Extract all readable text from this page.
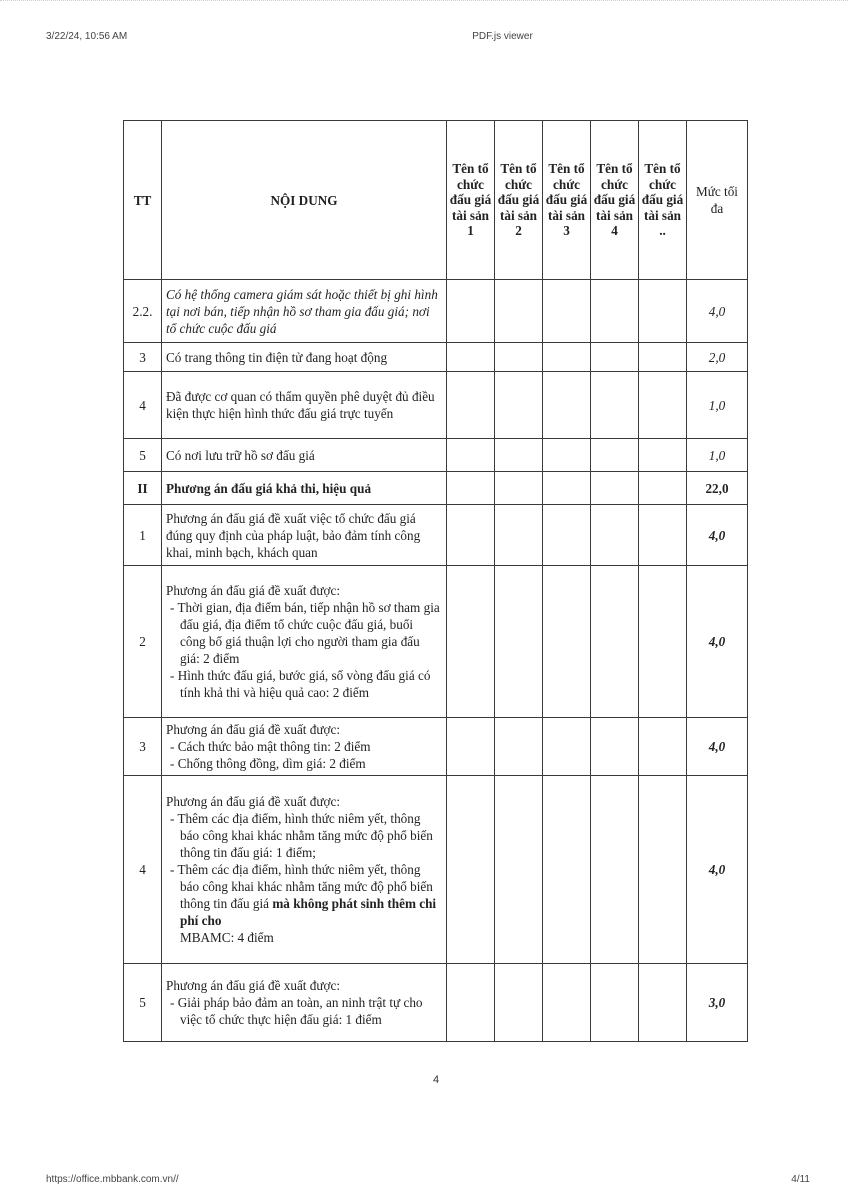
3/22/24, 10:56 AM	PDF.js viewer
TT	NỘI DUNG	Tên tổ chức đấu giá tài sản 1	Tên tổ chức đấu giá tài sản 2	Tên tổ chức đấu giá tài sản 3	Tên tổ chức đấu giá tài sản 4	Tên tổ chức đấu giá tài sản ..	Mức tối đa
2.2.	Có hệ thống camera giám sát hoặc thiết bị ghi hình tại nơi bán, tiếp nhận hồ sơ tham gia đấu giá; nơi tổ chức cuộc đấu giá						4,0
3	Có trang thông tin điện tử đang hoạt động						2,0
4	Đã được cơ quan có thẩm quyền phê duyệt đủ điều kiện thực hiện hình thức đấu giá trực tuyến						1,0
5	Có nơi lưu trữ hồ sơ đấu giá						1,0
II	Phương án đấu giá khả thi, hiệu quả						22,0
1	Phương án đấu giá đề xuất việc tổ chức đấu giá đúng quy định của pháp luật, bảo đảm tính công khai, minh bạch, khách quan						4,0
2	Phương án đấu giá đề xuất được:
- Thời gian, địa điểm bán, tiếp nhận hồ sơ tham gia đấu giá, địa điểm tổ chức cuộc đấu giá, buổi công bố giá thuận lợi cho người tham gia đấu giá: 2 điểm
- Hình thức đấu giá, bước giá, số vòng đấu giá có tính khả thi và hiệu quả cao: 2 điểm						4,0
3	Phương án đấu giá đề xuất được:
- Cách thức bảo mật thông tin: 2 điểm
- Chống thông đồng, dìm giá: 2 điểm						4,0
4	Phương án đấu giá đề xuất được:
- Thêm các địa điểm, hình thức niêm yết, thông báo công khai khác nhằm tăng mức độ phổ biến thông tin đấu giá: 1 điểm;
- Thêm các địa điểm, hình thức niêm yết, thông báo công khai khác nhằm tăng mức độ phổ biến thông tin đấu giá mà không phát sinh thêm chi phí cho
MBAMC: 4 điểm						4,0
5	Phương án đấu giá đề xuất được:
- Giải pháp bảo đảm an toàn, an ninh trật tự cho việc tổ chức thực hiện đấu giá: 1 điểm						3,0
4
https://office.mbbank.com.vn//	4/11
